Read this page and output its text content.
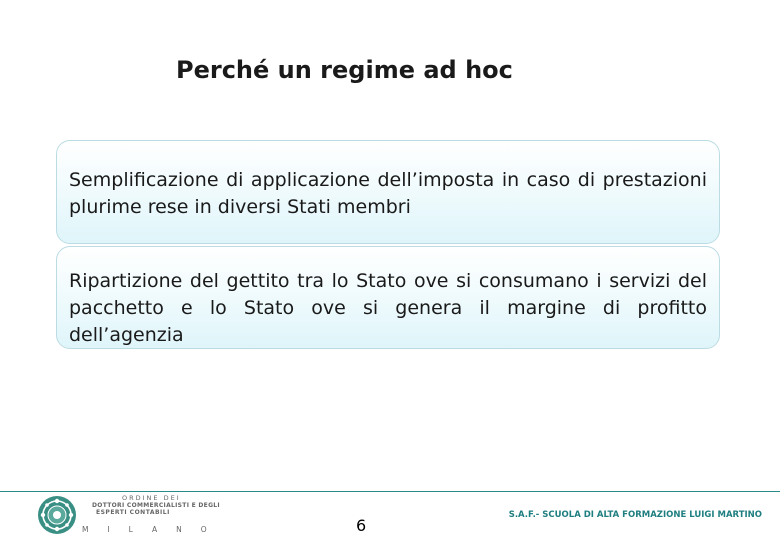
Perché un regime ad hoc

Semplificazione di applicazione dell’imposta in caso di prestazioni plurime rese in diversi Stati membri

Ripartizione del gettito tra lo Stato ove si consumano i servizi del pacchetto e lo Stato ove si genera il margine di profitto dell’agenzia

ORDINE DEI
DOTTORI COMMERCIALISTI E DEGLI
ESPERTI CONTABILI
MILANO	6
S.A.F.- SCUOLA DI ALTA FORMAZIONE LUIGI MARTINO
